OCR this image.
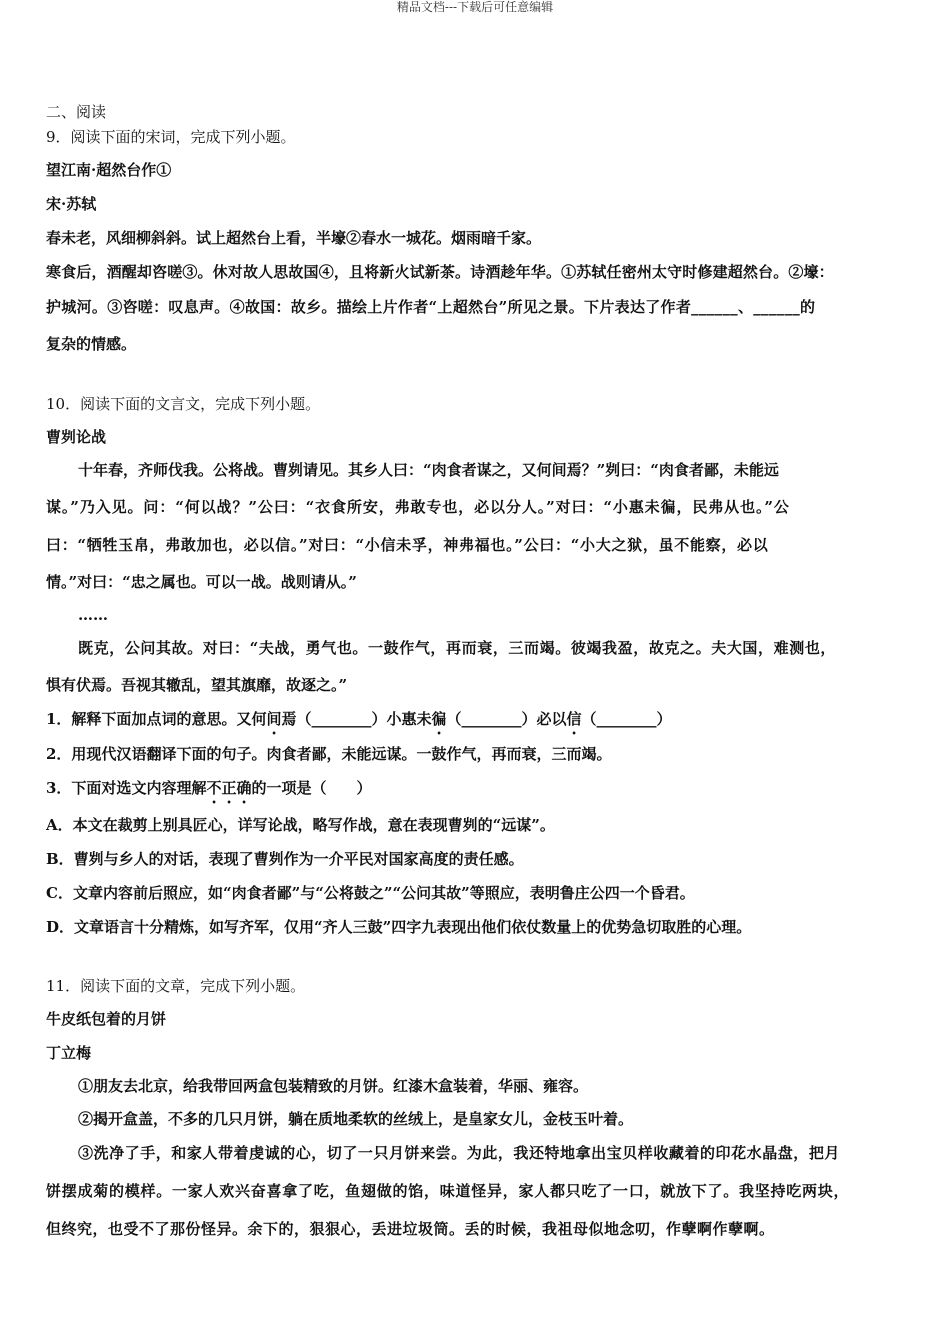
精品文档---下载后可任意编辑
二、阅读
9．阅读下面的宋词，完成下列小题。
望江南·超然台作①
宋·苏轼
春未老，风细柳斜斜。试上超然台上看，半壕②春水一城花。烟雨暗千家。
寒食后，酒醒却咨嗟③。休对故人思故国④，且将新火试新茶。诗酒趁年华。①苏轼任密州太守时修建超然台。②壕：
护城河。③咨嗟：叹息声。④故国：故乡。描绘上片作者“上超然台”所见之景。下片表达了作者______、______的
复杂的情感。
10．阅读下面的文言文，完成下列小题。
曹刿论战
十年春，齐师伐我。公将战。曹刿请见。其乡人曰：“肉食者谋之，又何间焉？”刿曰：“肉食者鄙，未能远
谋。”乃入见。问：“何以战？”公曰：“衣食所安，弗敢专也，必以分人。”对曰：“小惠未徧，民弗从也。”公
曰：“牺牲玉帛，弗敢加也，必以信。”对曰：“小信未孚，神弗福也。”公曰：“小大之狱，虽不能察，必以
情。”对曰：“忠之属也。可以一战。战则请从。”
……
既克，公问其故。对曰：“夫战，勇气也。一鼓作气，再而衰，三而竭。彼竭我盈，故克之。夫大国，难测也，
惧有伏焉。吾视其辙乱，望其旗靡，故逐之。”
1．解释下面加点词的意思。又何间焉（________）小惠未徧（________）必以信（________）
2．用现代汉语翻译下面的句子。肉食者鄙，未能远谋。一鼓作气，再而衰，三而竭。
3．下面对选文内容理解不正确的一项是（　　）
A．本文在裁剪上别具匠心，详写论战，略写作战，意在表现曹刿的“远谋”。
B．曹刿与乡人的对话，表现了曹刿作为一介平民对国家高度的责任感。
C．文章内容前后照应，如“肉食者鄙”与“公将鼓之”“公问其故”等照应，表明鲁庄公四一个昏君。
D．文章语言十分精炼，如写齐军，仅用“齐人三鼓”四字九表现出他们依仗数量上的优势急切取胜的心理。
11．阅读下面的文章，完成下列小题。
牛皮纸包着的月饼
丁立梅
①朋友去北京，给我带回两盒包装精致的月饼。红漆木盒装着，华丽、雍容。
②揭开盒盖，不多的几只月饼，躺在质地柔软的丝绒上，是皇家女儿，金枝玉叶着。
③洗净了手，和家人带着虔诚的心，切了一只月饼来尝。为此，我还特地拿出宝贝样收藏着的印花水晶盘，把月
饼摆成菊的模样。一家人欢兴奋喜拿了吃，鱼翅做的馅，味道怪异，家人都只吃了一口，就放下了。我坚持吃两块，
但终究，也受不了那份怪异。余下的，狠狠心，丢进垃圾筒。丢的时候，我祖母似地念叨，作孽啊作孽啊。
